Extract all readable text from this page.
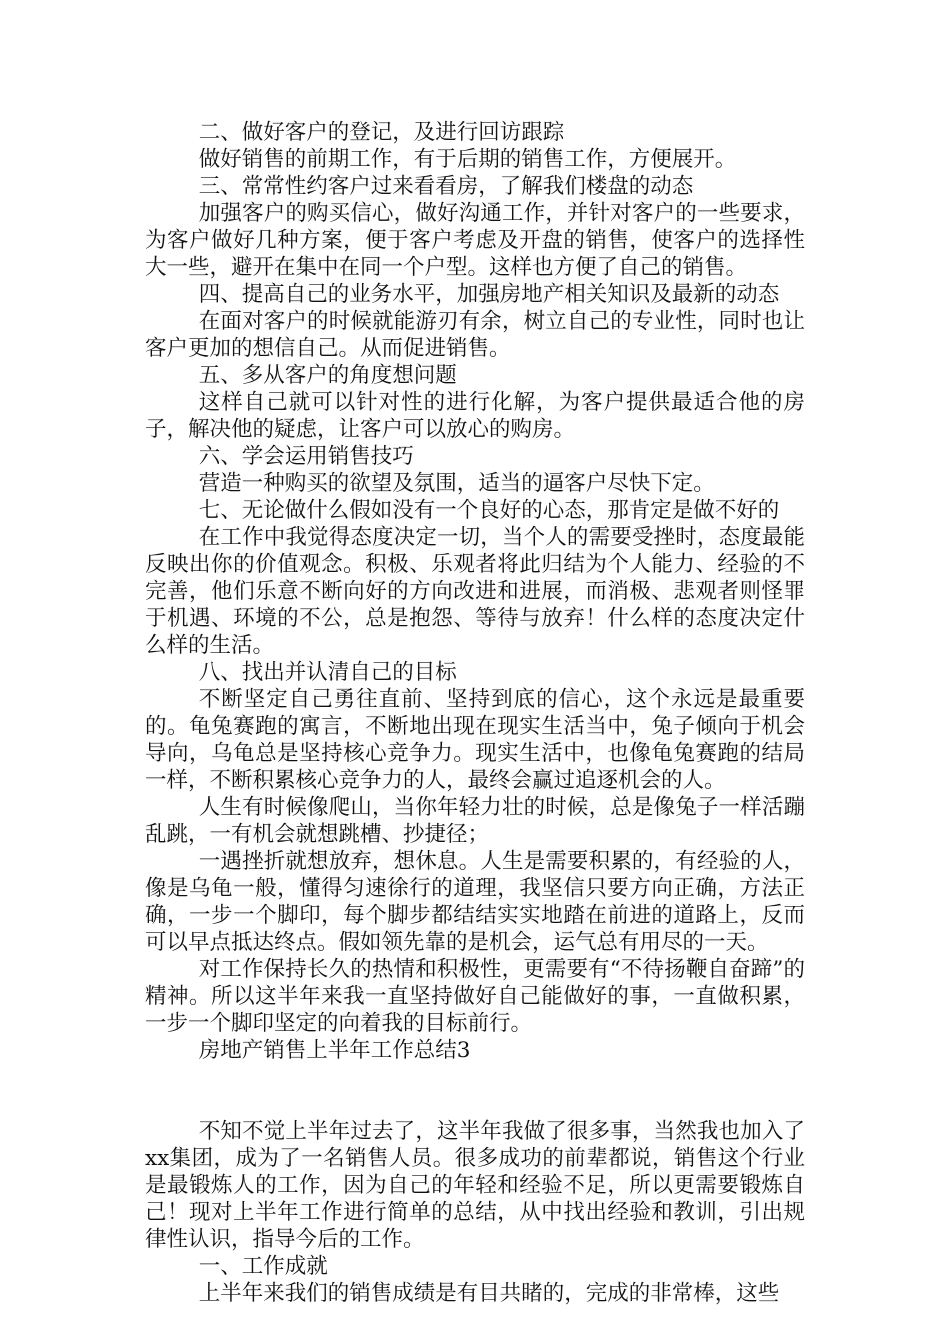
二、做好客户的登记，及进行回访跟踪

做好销售的前期工作，有于后期的销售工作，方便展开。

三、常常性约客户过来看看房，了解我们楼盘的动态

加强客户的购买信心，做好沟通工作，并针对客户的一些要求，为客户做好几种方案，便于客户考虑及开盘的销售，使客户的选择性大一些，避开在集中在同一个户型。这样也方便了自己的销售。

四、提高自己的业务水平，加强房地产相关知识及最新的动态

在面对客户的时候就能游刃有余，树立自己的专业性，同时也让客户更加的想信自己。从而促进销售。

五、多从客户的角度想问题

这样自己就可以针对性的进行化解，为客户提供最适合他的房子，解决他的疑虑，让客户可以放心的购房。

六、学会运用销售技巧

营造一种购买的欲望及氛围，适当的逼客户尽快下定。

七、无论做什么假如没有一个良好的心态，那肯定是做不好的

在工作中我觉得态度决定一切，当个人的需要受挫时，态度最能反映出你的价值观念。积极、乐观者将此归结为个人能力、经验的不完善，他们乐意不断向好的方向改进和进展，而消极、悲观者则怪罪于机遇、环境的不公，总是抱怨、等待与放弃！什么样的态度决定什么样的生活。

八、找出并认清自己的目标

不断坚定自己勇往直前、坚持到底的信心，这个永远是最重要的。龟兔赛跑的寓言，不断地出现在现实生活当中，兔子倾向于机会导向，乌龟总是坚持核心竞争力。现实生活中，也像龟兔赛跑的结局一样，不断积累核心竞争力的人，最终会赢过追逐机会的人。

人生有时候像爬山，当你年轻力壮的时候，总是像兔子一样活蹦乱跳，一有机会就想跳槽、抄捷径；

一遇挫折就想放弃，想休息。人生是需要积累的，有经验的人，像是乌龟一般，懂得匀速徐行的道理，我坚信只要方向正确，方法正确，一步一个脚印，每个脚步都结结实实地踏在前进的道路上，反而可以早点抵达终点。假如领先靠的是机会，运气总有用尽的一天。

对工作保持长久的热情和积极性，更需要有“不待扬鞭自奋蹄”的精神。所以这半年来我一直坚持做好自己能做好的事，一直做积累，一步一个脚印坚定的向着我的目标前行。

房地产销售上半年工作总结3

不知不觉上半年过去了，这半年我做了很多事，当然我也加入了xx集团，成为了一名销售人员。很多成功的前辈都说，销售这个行业是最锻炼人的工作，因为自己的年轻和经验不足，所以更需要锻炼自己！现对上半年工作进行简单的总结，从中找出经验和教训，引出规律性认识，指导今后的工作。

一、工作成就

上半年来我们的销售成绩是有目共睹的，完成的非常棒，这些
